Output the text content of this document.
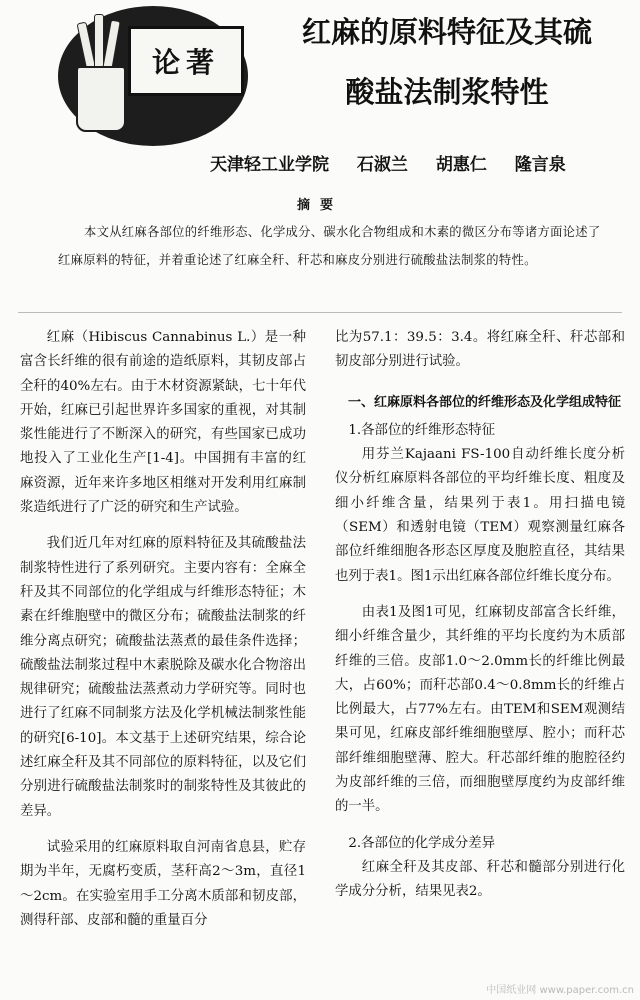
论著
红麻的原料特征及其硫
酸盐法制浆特性
天津轻工业学院 石淑兰 胡惠仁 隆言泉
摘要
本文从红麻各部位的纤维形态、化学成分、碳水化合物组成和木素的微区分布等诸方面论述了红麻原料的特征，并着重论述了红麻全秆、秆芯和麻皮分别进行硫酸盐法制浆的特性。

红麻（Hibiscus Cannabinus L.）是一种富含长纤维的很有前途的造纸原料，其韧皮部占全秆的40%左右。由于木材资源紧缺，七十年代开始，红麻已引起世界许多国家的重视，对其制浆性能进行了不断深入的研究，有些国家已成功地投入了工业化生产[1-4]。中国拥有丰富的红麻资源，近年来许多地区相继对开发利用红麻制浆造纸进行了广泛的研究和生产试验。

我们近几年对红麻的原料特征及其硫酸盐法制浆特性进行了系列研究。主要内容有：全麻全秆及其不同部位的化学组成与纤维形态特征；木素在纤维胞壁中的微区分布；硫酸盐法制浆的纤维分离点研究；硫酸盐法蒸煮的最佳条件选择；硫酸盐法制浆过程中木素脱除及碳水化合物溶出规律研究；硫酸盐法蒸煮动力学研究等。同时也进行了红麻不同制浆方法及化学机械法制浆性能的研究[6-10]。本文基于上述研究结果，综合论述红麻全秆及其不同部位的原料特征，以及它们分别进行硫酸盐法制浆时的制浆特性及其彼此的差异。

试验采用的红麻原料取自河南省息县，贮存期为半年，无腐朽变质，茎秆高2～3m，直径1～2cm。在实验室用手工分离木质部和韧皮部，测得秆部、皮部和髓的重量百分

比为57.1：39.5：3.4。将红麻全秆、秆芯部和韧皮部分别进行试验。

一、红麻原料各部位的纤维形态及化学组成特征
1.各部位的纤维形态特征

用芬兰Kajaani FS-100自动纤维长度分析仪分析红麻原料各部位的平均纤维长度、粗度及细小纤维含量，结果列于表1。用扫描电镜（SEM）和透射电镜（TEM）观察测量红麻各部位纤维细胞各形态区厚度及胞腔直径，其结果也列于表1。图1示出红麻各部位纤维长度分布。

由表1及图1可见，红麻韧皮部富含长纤维，细小纤维含量少，其纤维的平均长度约为木质部纤维的三倍。皮部1.0～2.0mm长的纤维比例最大，占60%；而秆芯部0.4～0.8mm长的纤维占比例最大，占77%左右。由TEM和SEM观测结果可见，红麻皮部纤维细胞壁厚、腔小；而秆芯部纤维细胞壁薄、腔大。秆芯部纤维的胞腔径约为皮部纤维的三倍，而细胞壁厚度约为皮部纤维的一半。

2.各部位的化学成分差异

红麻全秆及其皮部、秆芯和髓部分别进行化学成分分析，结果见表2。

中国纸业网 www.paper.com.cn
